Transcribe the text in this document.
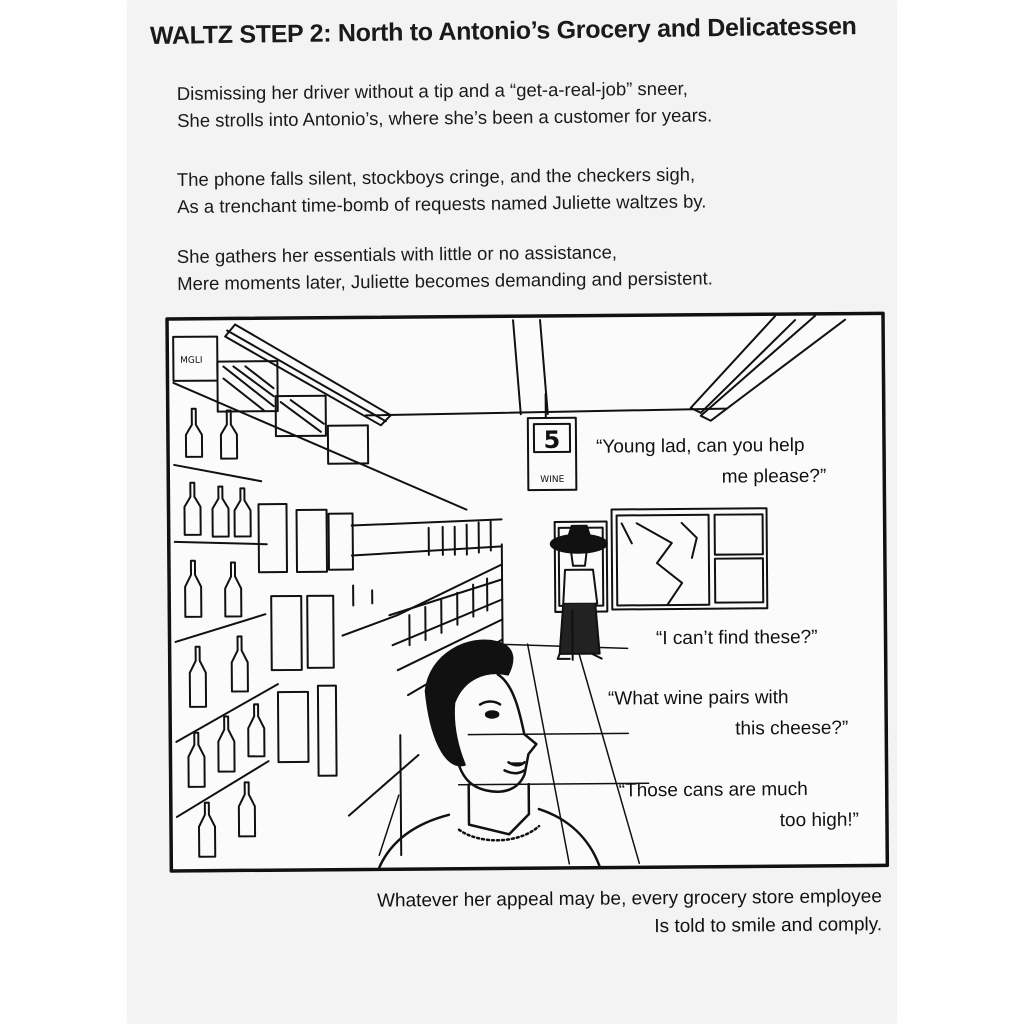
WALTZ STEP 2: North to Antonio’s Grocery and Delicatessen
Dismissing her driver without a tip and a “get-a-real-job” sneer,
She strolls into Antonio’s, where she’s been a customer for years.
The phone falls silent, stockboys cringe, and the checkers sigh,
As a trenchant time-bomb of requests named Juliette waltzes by.
She gathers her essentials with little or no assistance,
Mere moments later, Juliette becomes demanding and persistent.
5
WINE
MGLI
“Young lad, can you help
me please?”
“I can’t find these?”
“What wine pairs with
this cheese?”
“Those cans are much
too high!”
Whatever her appeal may be, every grocery store employee
Is told to smile and comply.
